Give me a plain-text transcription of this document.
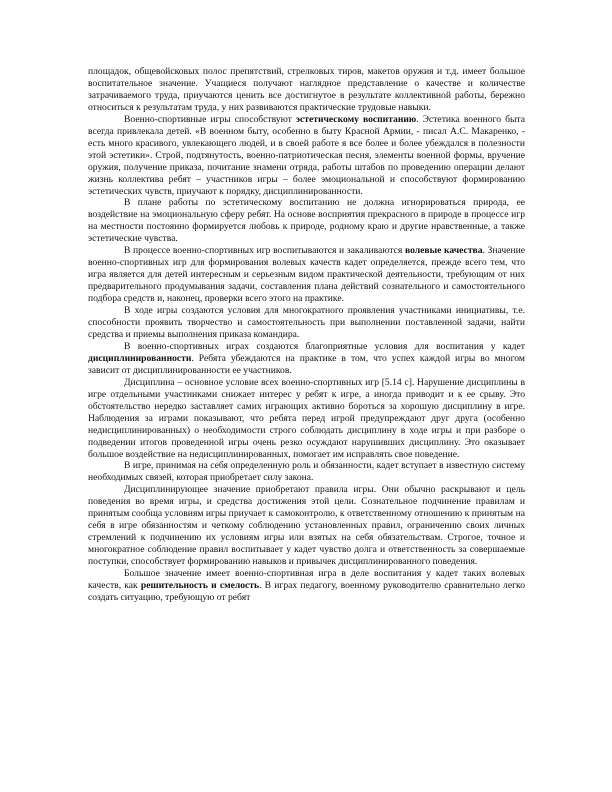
площадок, общевойсковых полос препятствий, стрелковых тиров, макетов оружия и т.д. имеет большое воспитательное значение. Учащиеся получают наглядное представление о качестве и количестве затрачиваемого труда, приучаются ценить все достигнутое в результате коллективной работы, бережно относиться к результатам труда, у них развиваются практические трудовые навыки.

Военно-спортивные игры способствуют эстетическому воспитанию. Эстетика военного быта всегда привлекала детей. «В военном быту, особенно в быту Красной Армии, - писал А.С. Макаренко, - есть много красивого, увлекающего людей, и в своей работе я все более и более убеждался в полезности этой эстетики». Строй, подтянутость, военно-патриотическая песня, элементы военной формы, вручение оружия, получение приказа, почитание знамени отряда, работы штабов по проведению операции делают жизнь коллектива ребят – участников игры – более эмоциональной и способствуют формированию эстетических чувств, приучают к порядку, дисциплинированности.

В плане работы по эстетическому воспитанию не должна игнорироваться природа, ее воздействие на эмоциональную сферу ребят. На основе восприятия прекрасного в природе в процессе игр на местности постоянно формируется любовь к природе, родному краю и другие нравственные, а также эстетические чувства.

В процессе военно-спортивных игр воспитываются и закаливаются волевые качества. Значение военно-спортивных игр для формирования волевых качеств кадет определяется, прежде всего тем, что игра является для детей интересным и серьезным видом практической деятельности, требующим от них предварительного продумывания задачи, составления плана действий сознательного и самостоятельного подбора средств и, наконец, проверки всего этого на практике.

В ходе игры создаются условия для многократного проявления участниками инициативы, т.е. способности проявить творчество и самостоятельность при выполнении поставленной задачи, найти средства и приемы выполнения приказа командира.

В военно-спортивных играх создаются благоприятные условия для воспитания у кадет дисциплинированности. Ребята убеждаются на практике в том, что успех каждой игры во многом зависит от дисциплинированности ее участников.

Дисциплина – основное условие всех военно-спортивных игр [5.14 с]. Нарушение дисциплины в игре отдельными участниками снижает интерес у ребят к игре, а иногда приводит и к ее срыву. Это обстоятельство нередко заставляет самих играющих активно бороться за хорошую дисциплину в игре. Наблюдения за играми показывают, что ребята перед игрой предупреждают друг друга (особенно недисциплинированных) о необходимости строго соблюдать дисциплину в ходе игры и при разборе о подведении итогов проведенной игры очень резко осуждают нарушивших дисциплину. Это оказывает большое воздействие на недисциплинированных, помогает им исправлять свое поведение.

В игре, принимая на себя определенную роль и обязанности, кадет вступает в известную систему необходимых связей, которая приобретает силу закона.

Дисциплинирующее значение приобретают правила игры. Они обычно раскрывают и цель поведения во время игры, и средства достижения этой цели. Сознательное подчинение правилам и принятым сообща условиям игры приучает к самоконтролю, к ответственному отношению к принятым на себя в игре обязанностям и четкому соблюдению установленных правил, ограничению своих личных стремлений к подчинению их условиям игры или взятых на себя обязательствам. Строгое, точное и многократное соблюдение правил воспитывает у кадет чувство долга и ответственность за совершаемые поступки, способствует формированию навыков и привычек дисциплинированного поведения.

Большое значение имеет военно-спортивная игра в деле воспитания у кадет таких волевых качеств, как решительность и смелость. В играх педагогу, военному руководителю сравнительно легко создать ситуацию, требующую от ребят
